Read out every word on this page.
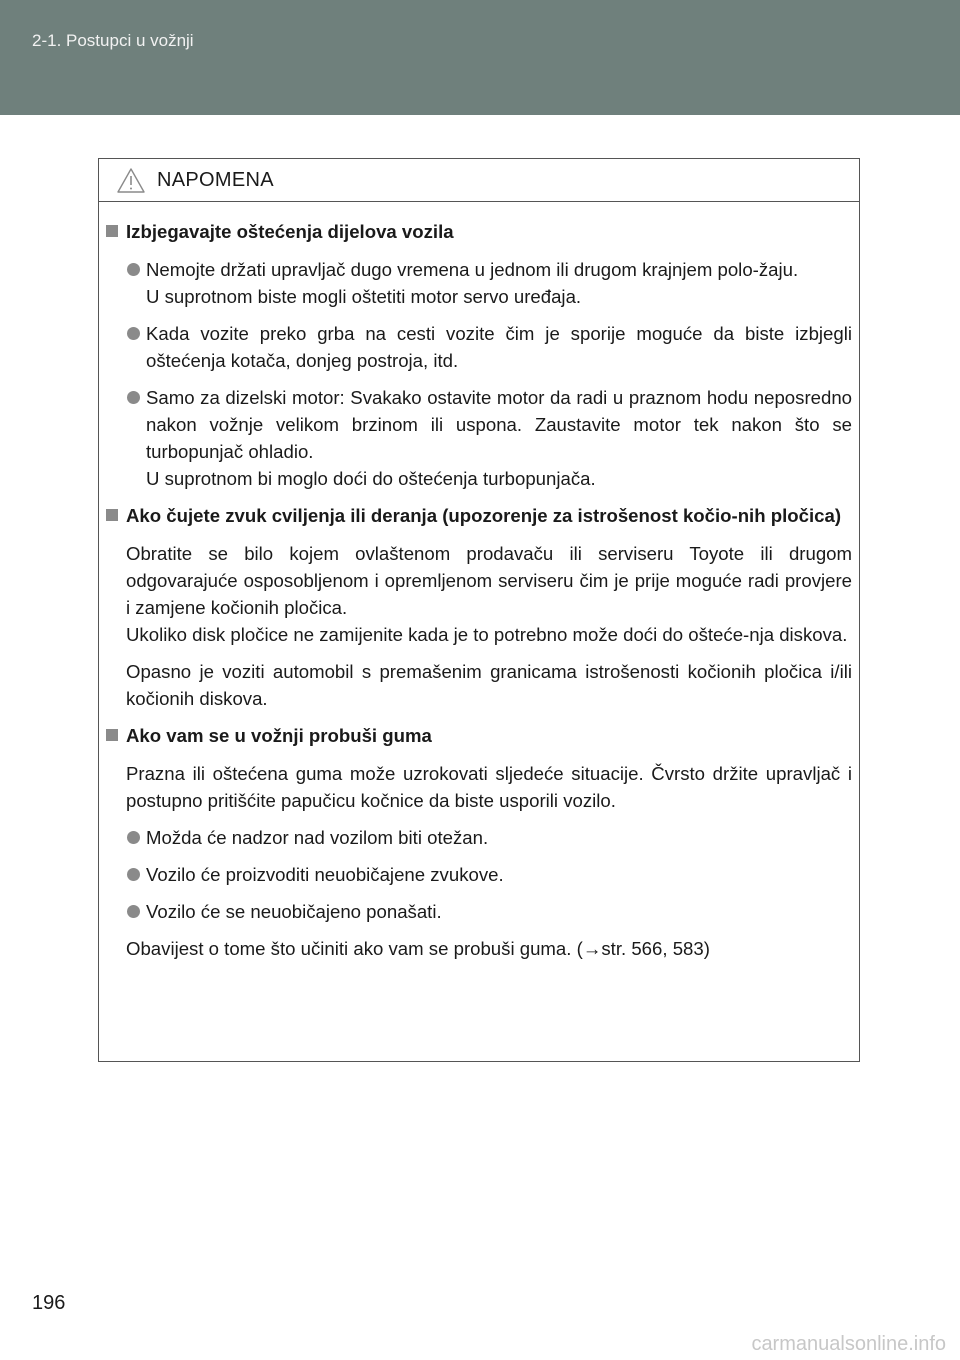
2-1. Postupci u vožnji
NAPOMENA
Izbjegavajte oštećenja dijelova vozila
Nemojte držati upravljač dugo vremena u jednom ili drugom krajnjem polo-žaju.
U suprotnom biste mogli oštetiti motor servo uređaja.
Kada vozite preko grba na cesti vozite čim je sporije moguće da biste izbjegli oštećenja kotača, donjeg postroja, itd.
Samo za dizelski motor: Svakako ostavite motor da radi u praznom hodu neposredno nakon vožnje velikom brzinom ili uspona. Zaustavite motor tek nakon što se turbopunjač ohladio.
U suprotnom bi moglo doći do oštećenja turbopunjača.
Ako čujete zvuk cviljenja ili deranja (upozorenje za istrošenost kočio-nih pločica)
Obratite se bilo kojem ovlaštenom prodavaču ili serviseru Toyote ili drugom odgovarajuće osposobljenom i opremljenom serviseru čim je prije moguće radi provjere i zamjene kočionih pločica.
Ukoliko disk pločice ne zamijenite kada je to potrebno može doći do ošteće-nja diskova.
Opasno je voziti automobil s premašenim granicama istrošenosti kočionih pločica i/ili kočionih diskova.
Ako vam se u vožnji probuši guma
Prazna ili oštećena guma može uzrokovati sljedeće situacije. Čvrsto držite upravljač i postupno pritišćite papučicu kočnice da biste usporili vozilo.
Možda će nadzor nad vozilom biti otežan.
Vozilo će proizvoditi neuobičajene zvukove.
Vozilo će se neuobičajeno ponašati.
Obavijest o tome što učiniti ako vam se probuši guma. (→str. 566, 583)
196
carmanualsonline.info
